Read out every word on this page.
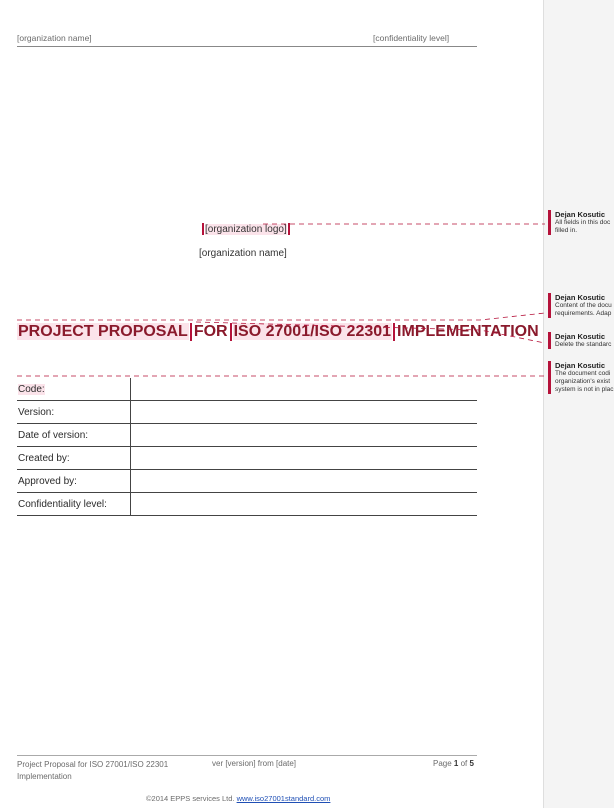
[organization name]	[confidentiality level]
[organization logo]
[organization name]
PROJECT PROPOSAL FOR ISO 27001/ISO 22301 IMPLEMENTATION
Code:	
Version:	
Date of version:	
Created by:	
Approved by:	
Confidentiality level:	
Project Proposal for ISO 27001/ISO 22301 Implementation
ver [version] from [date]	Page 1 of 5
©2014 EPPS services Ltd. www.iso27001standard.com
Dejan Kosutic
All fields in this doc
filled in.
Dejan Kosutic
Content of the docu
requirements. Adap
Dejan Kosutic
Delete the standarc
Dejan Kosutic
The document codi
organization's exist
system is not in plac
